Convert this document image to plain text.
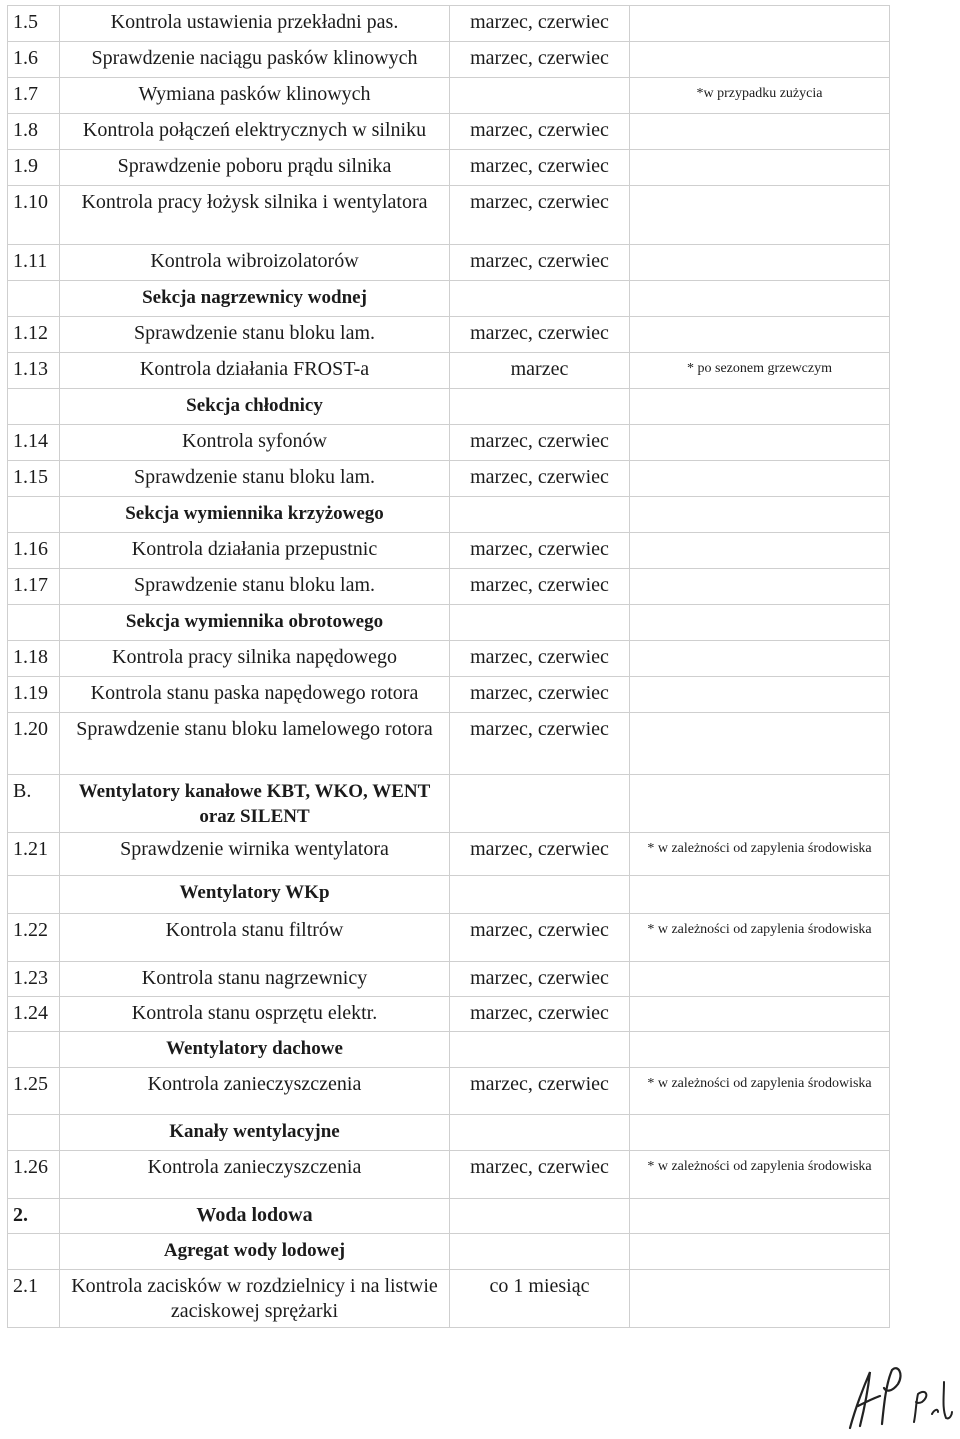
1.5	Kontrola ustawienia przekładni pas.	marzec, czerwiec	
1.6	Sprawdzenie naciągu pasków klinowych	marzec, czerwiec	
1.7	Wymiana pasków klinowych		*w przypadku zużycia
1.8	Kontrola połączeń elektrycznych w silniku	marzec, czerwiec	
1.9	Sprawdzenie poboru prądu silnika	marzec, czerwiec	
1.10	Kontrola pracy łożysk silnika i wentylatora	marzec, czerwiec	
1.11	Kontrola wibroizolatorów	marzec, czerwiec	
	Sekcja nagrzewnicy wodnej		
1.12	Sprawdzenie stanu bloku lam.	marzec, czerwiec	
1.13	Kontrola działania FROST-a	marzec	* po sezonem grzewczym
	Sekcja chłodnicy		
1.14	Kontrola syfonów	marzec, czerwiec	
1.15	Sprawdzenie stanu bloku lam.	marzec, czerwiec	
	Sekcja wymiennika krzyżowego		
1.16	Kontrola działania przepustnic	marzec, czerwiec	
1.17	Sprawdzenie stanu bloku lam.	marzec, czerwiec	
	Sekcja wymiennika obrotowego		
1.18	Kontrola pracy silnika napędowego	marzec, czerwiec	
1.19	Kontrola stanu paska napędowego rotora	marzec, czerwiec	
1.20	Sprawdzenie stanu bloku lamelowego rotora	marzec, czerwiec	
B.	Wentylatory kanałowe KBT, WKO, WENT oraz SILENT		
1.21	Sprawdzenie wirnika wentylatora	marzec, czerwiec	* w zależności od zapylenia środowiska
	Wentylatory WKp		
1.22	Kontrola stanu filtrów	marzec, czerwiec	* w zależności od zapylenia środowiska
1.23	Kontrola stanu nagrzewnicy	marzec, czerwiec	
1.24	Kontrola stanu osprzętu elektr.	marzec, czerwiec	
	Wentylatory dachowe		
1.25	Kontrola zanieczyszczenia	marzec, czerwiec	* w zależności od zapylenia środowiska
	Kanały wentylacyjne		
1.26	Kontrola zanieczyszczenia	marzec, czerwiec	* w zależności od zapylenia środowiska
2.	Woda lodowa		
	Agregat wody lodowej		
2.1	Kontrola zacisków w rozdzielnicy i na listwie zaciskowej sprężarki	co 1 miesiąc	
